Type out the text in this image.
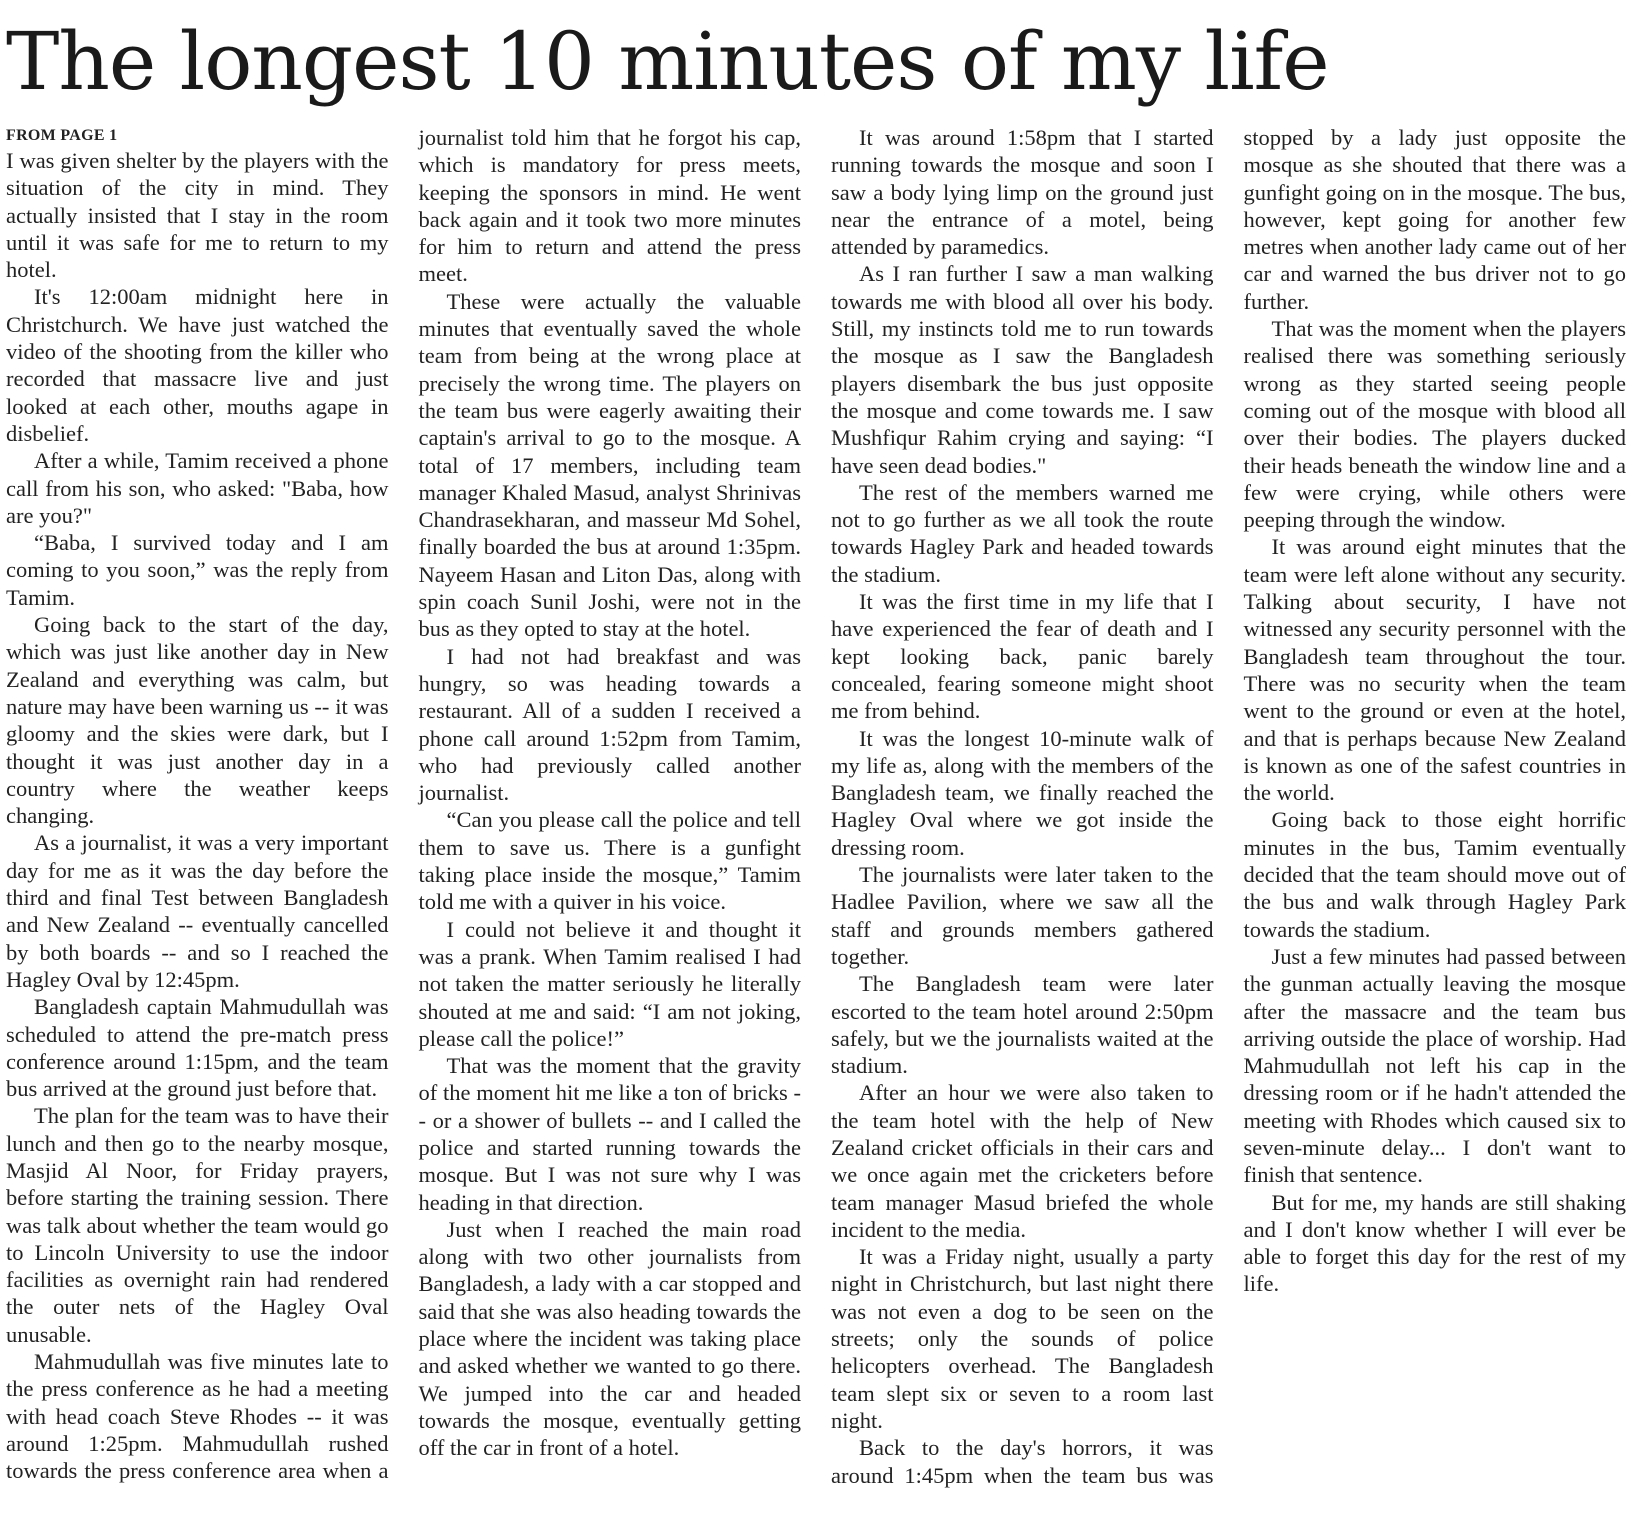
The longest 10 minutes of my life
FROM PAGE 1

I was given shelter by the players with the situation of the city in mind. They actually insisted that I stay in the room until it was safe for me to return to my hotel.

It's 12:00am midnight here in Christchurch. We have just watched the video of the shooting from the killer who recorded that massacre live and just looked at each other, mouths agape in disbelief.

After a while, Tamim received a phone call from his son, who asked: "Baba, how are you?"

“Baba, I survived today and I am coming to you soon,” was the reply from Tamim.

Going back to the start of the day, which was just like another day in New Zealand and everything was calm, but nature may have been warning us -- it was gloomy and the skies were dark, but I thought it was just another day in a country where the weather keeps changing.

As a journalist, it was a very important day for me as it was the day before the third and final Test between Bangladesh and New Zealand -- eventually cancelled by both boards -- and so I reached the Hagley Oval by 12:45pm.

Bangladesh captain Mahmudullah was scheduled to attend the pre-match press conference around 1:15pm, and the team bus arrived at the ground just before that.

The plan for the team was to have their lunch and then go to the nearby mosque, Masjid Al Noor, for Friday prayers, before starting the training session. There was talk about whether the team would go to Lincoln University to use the indoor facilities as overnight rain had rendered the outer nets of the Hagley Oval unusable.

Mahmudullah was five minutes late to the press conference as he had a meeting with head coach Steve Rhodes -- it was around 1:25pm. Mahmudullah rushed towards the press conference area when a journalist told him that he forgot his cap, which is mandatory for press meets, keeping the sponsors in mind. He went back again and it took two more minutes for him to return and attend the press meet.

These were actually the valuable minutes that eventually saved the whole team from being at the wrong place at precisely the wrong time. The players on the team bus were eagerly awaiting their captain's arrival to go to the mosque. A total of 17 members, including team manager Khaled Masud, analyst Shrinivas Chandrasekharan, and masseur Md Sohel, finally boarded the bus at around 1:35pm. Nayeem Hasan and Liton Das, along with spin coach Sunil Joshi, were not in the bus as they opted to stay at the hotel.

I had not had breakfast and was hungry, so was heading towards a restaurant. All of a sudden I received a phone call around 1:52pm from Tamim, who had previously called another journalist.

“Can you please call the police and tell them to save us. There is a gunfight taking place inside the mosque,” Tamim told me with a quiver in his voice.

I could not believe it and thought it was a prank. When Tamim realised I had not taken the matter seriously he literally shouted at me and said: “I am not joking, please call the police!”

That was the moment that the gravity of the moment hit me like a ton of bricks -- or a shower of bullets -- and I called the police and started running towards the mosque. But I was not sure why I was heading in that direction.

Just when I reached the main road along with two other journalists from Bangladesh, a lady with a car stopped and said that she was also heading towards the place where the incident was taking place and asked whether we wanted to go there. We jumped into the car and headed towards the mosque, eventually getting off the car in front of a hotel.

It was around 1:58pm that I started running towards the mosque and soon I saw a body lying limp on the ground just near the entrance of a motel, being attended by paramedics.

As I ran further I saw a man walking towards me with blood all over his body. Still, my instincts told me to run towards the mosque as I saw the Bangladesh players disembark the bus just opposite the mosque and come towards me. I saw Mushfiqur Rahim crying and saying: “I have seen dead bodies."

The rest of the members warned me not to go further as we all took the route towards Hagley Park and headed towards the stadium.

It was the first time in my life that I have experienced the fear of death and I kept looking back, panic barely concealed, fearing someone might shoot me from behind.

It was the longest 10-minute walk of my life as, along with the members of the Bangladesh team, we finally reached the Hagley Oval where we got inside the dressing room.

The journalists were later taken to the Hadlee Pavilion, where we saw all the staff and grounds members gathered together.

The Bangladesh team were later escorted to the team hotel around 2:50pm safely, but we the journalists waited at the stadium.

After an hour we were also taken to the team hotel with the help of New Zealand cricket officials in their cars and we once again met the cricketers before team manager Masud briefed the whole incident to the media.

It was a Friday night, usually a party night in Christchurch, but last night there was not even a dog to be seen on the streets; only the sounds of police helicopters overhead. The Bangladesh team slept six or seven to a room last night.

Back to the day's horrors, it was around 1:45pm when the team bus was stopped by a lady just opposite the mosque as she shouted that there was a gunfight going on in the mosque. The bus, however, kept going for another few metres when another lady came out of her car and warned the bus driver not to go further.

That was the moment when the players realised there was something seriously wrong as they started seeing people coming out of the mosque with blood all over their bodies. The players ducked their heads beneath the window line and a few were crying, while others were peeping through the window.

It was around eight minutes that the team were left alone without any security. Talking about security, I have not witnessed any security personnel with the Bangladesh team throughout the tour. There was no security when the team went to the ground or even at the hotel, and that is perhaps because New Zealand is known as one of the safest countries in the world.

Going back to those eight horrific minutes in the bus, Tamim eventually decided that the team should move out of the bus and walk through Hagley Park towards the stadium.

Just a few minutes had passed between the gunman actually leaving the mosque after the massacre and the team bus arriving outside the place of worship. Had Mahmudullah not left his cap in the dressing room or if he hadn't attended the meeting with Rhodes which caused six to seven-minute delay... I don't want to finish that sentence.

But for me, my hands are still shaking and I don't know whether I will ever be able to forget this day for the rest of my life.
